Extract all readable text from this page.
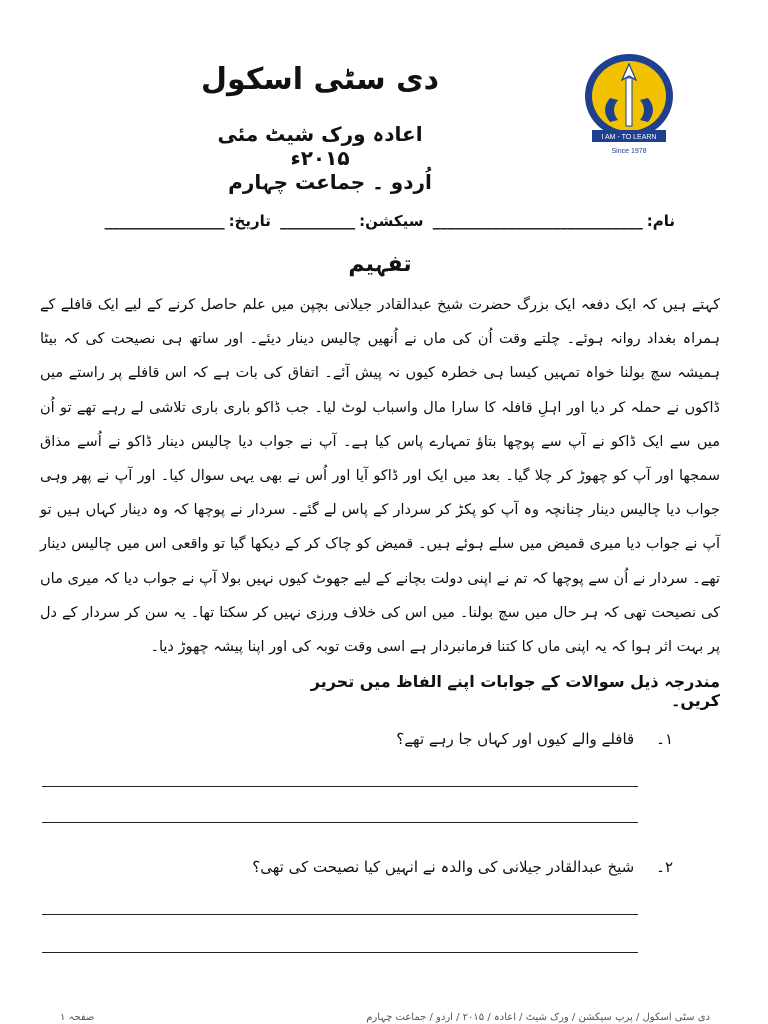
دی سٹی اسکول
I AM - TO LEARN
Since 1978
اعادہ ورک شیٹ مئی ۲۰۱۵ء
اُردو ۔ جماعت چہارم
نام:____________________________ سیکشن:__________ تاریخ:________________
تفہیم
کہتے ہیں کہ ایک دفعہ ایک بزرگ حضرت شیخ عبدالقادر جیلانی بچپن میں علم حاصل کرنے کے لیے ایک قافلے کے ہمراہ بغداد روانہ ہوئے۔ چلتے وقت اُن کی ماں نے اُنھیں چالیس دینار دیئے۔ اور ساتھ ہی نصیحت کی کہ بیٹا ہمیشہ سچ بولنا خواہ تمہیں کیسا ہی خطرہ کیوں نہ پیش آئے۔ اتفاق کی بات ہے کہ اس قافلے پر راستے میں ڈاکوں نے حملہ کر دیا اور اہلِ قافلہ کا سارا مال واسباب لوٹ لیا۔ جب ڈاکو باری باری تلاشی لے رہے تھے تو اُن میں سے ایک ڈاکو نے آپ سے پوچھا بتاؤ تمہارے پاس کیا ہے۔ آپ نے جواب دیا چالیس دینار ڈاکو نے اُسے مذاق سمجھا اور آپ کو چھوڑ کر چلا گیا۔ بعد میں ایک اور ڈاکو آیا اور اُس نے بھی یہی سوال کیا۔ اور آپ نے پھر وہی جواب دیا چالیس دینار چنانچہ وہ آپ کو پکڑ کر سردار کے پاس لے گئے۔ سردار نے پوچھا کہ وہ دینار کہاں ہیں تو آپ نے جواب دیا میری قمیض میں سلے ہوئے ہیں۔ قمیض کو چاک کر کے دیکھا گیا تو واقعی اس میں چالیس دینار تھے۔ سردار نے اُن سے پوچھا کہ تم نے اپنی دولت بچانے کے لیے جھوٹ کیوں نہیں بولا آپ نے جواب دیا کہ میری ماں کی نصیحت تھی کہ ہر حال میں سچ بولنا۔ میں اس کی خلاف ورزی نہیں کر سکتا تھا۔ یہ سن کر سردار کے دل پر بہت اثر ہوا کہ یہ اپنی ماں کا کتنا فرمانبردار ہے اسی وقت توبہ کی اور اپنا پیشہ چھوڑ دیا۔
مندرجہ ذیل سوالات کے جوابات اپنے الفاظ میں تحریر کریں۔
۱۔ قافلے والے کیوں اور کہاں جا رہے تھے؟
۲۔ شیخ عبدالقادر جیلانی کی والدہ نے انہیں کیا نصیحت کی تھی؟
دی سٹی اسکول / پرپ سیکشن / ورک شیٹ / اعادہ / ۲۰۱۵ / اُردو / جماعت چہارم
صفحہ ۱
